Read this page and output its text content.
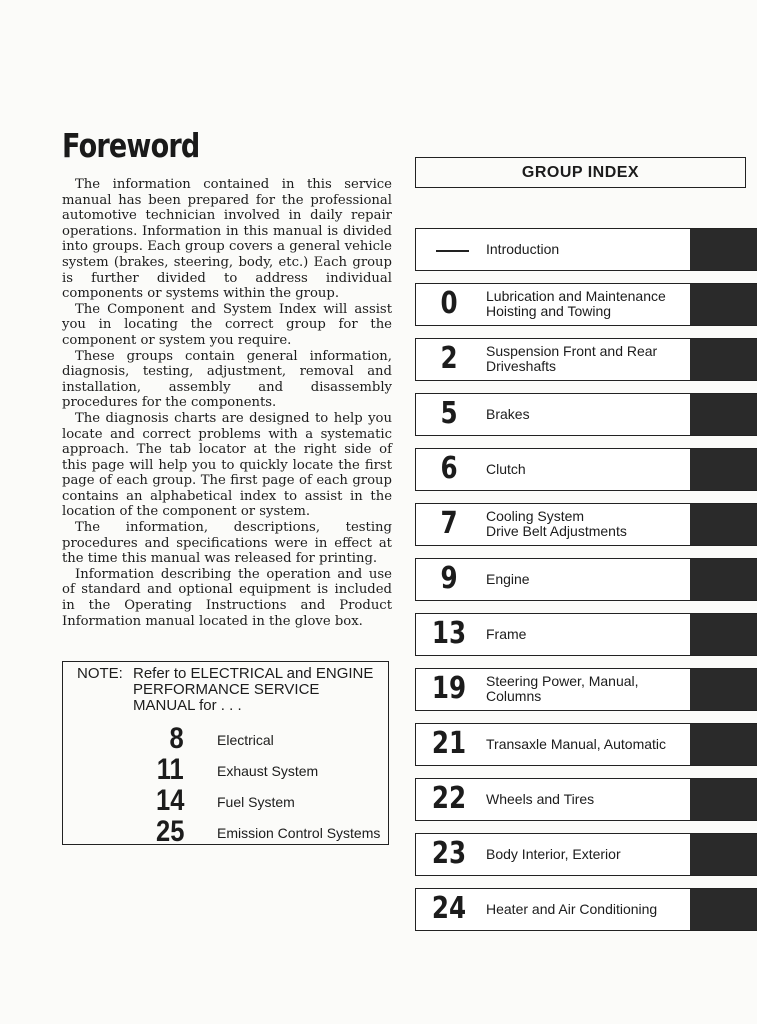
Foreword

The information contained in this service manual has been prepared for the professional automotive technician involved in daily repair operations. Information in this manual is divided into groups. Each group covers a general vehicle system (brakes, steering, body, etc.) Each group is further divided to address individual components or systems within the group.

The Component and System Index will assist you in locating the correct group for the component or system you require.

These groups contain general information, diagnosis, testing, adjustment, removal and installation, assembly and disassembly procedures for the components.

The diagnosis charts are designed to help you locate and correct problems with a systematic approach. The tab locator at the right side of this page will help you to quickly locate the first page of each group. The first page of each group contains an alphabetical index to assist in the location of the component or system.

The information, descriptions, testing procedures and specifications were in effect at the time this manual was released for printing.

Information describing the operation and use of standard and optional equipment is included in the Operating Instructions and Product Information manual located in the glove box.

NOTE: Refer to ELECTRICAL and ENGINE PERFORMANCE SERVICE MANUAL for . . .
8 Electrical
11 Exhaust System
14 Fuel System
25 Emission Control Systems
GROUP INDEX
Introduction
0	Lubrication and Maintenance
Hoisting and Towing
2	Suspension Front and Rear
Driveshafts
5	Brakes
6	Clutch
7	Cooling System
Drive Belt Adjustments
9	Engine
13	Frame
19	Steering Power, Manual,
Columns
21	Transaxle Manual, Automatic
22	Wheels and Tires
23	Body Interior, Exterior
24	Heater and Air Conditioning
